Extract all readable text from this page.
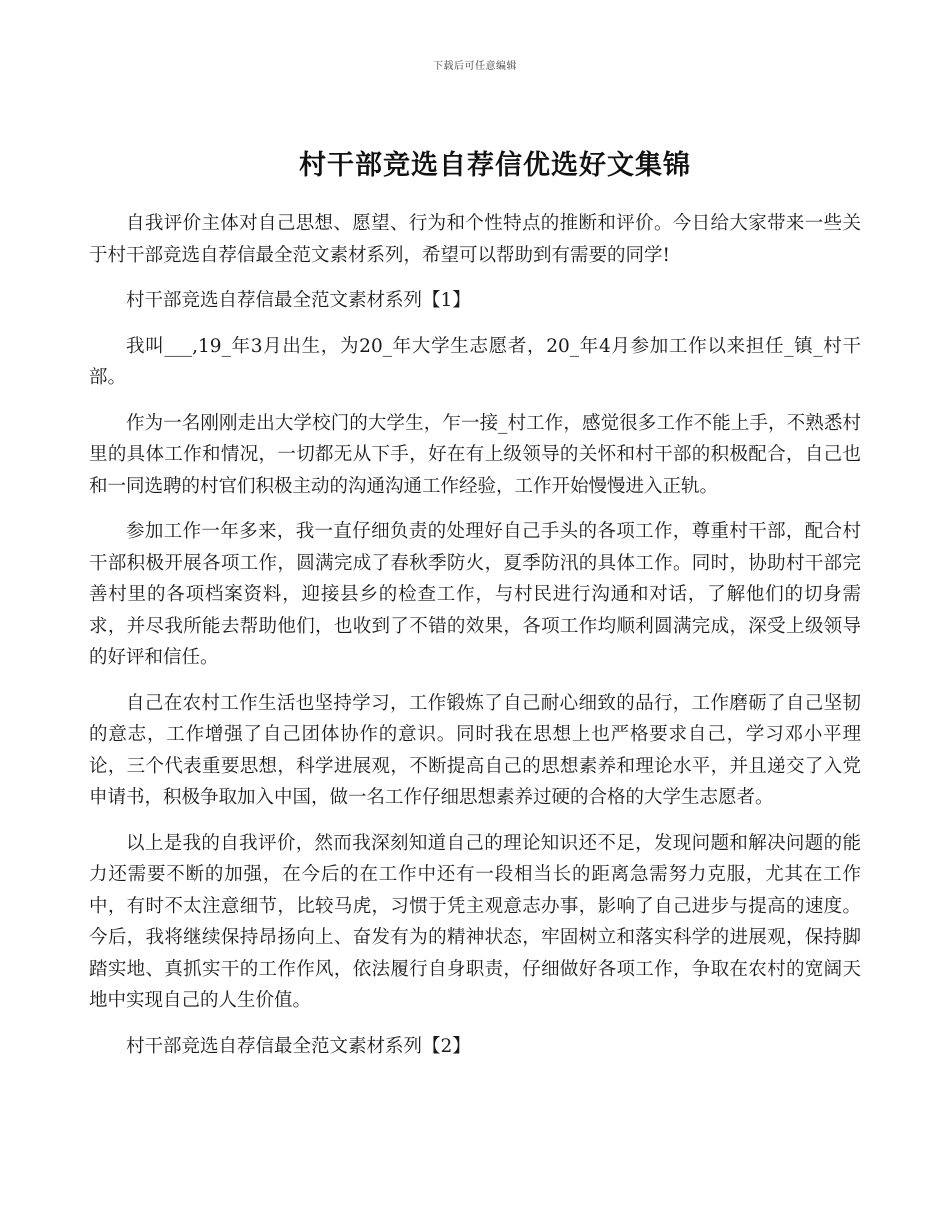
下载后可任意编辑
村干部竞选自荐信优选好文集锦

自我评价主体对自己思想、愿望、行为和个性特点的推断和评价。今日给大家带来一些关于村干部竞选自荐信最全范文素材系列，希望可以帮助到有需要的同学!

村干部竞选自荐信最全范文素材系列【1】

我叫___,19_年3月出生，为20_年大学生志愿者，20_年4月参加工作以来担任_镇_村干部。

作为一名刚刚走出大学校门的大学生，乍一接_村工作，感觉很多工作不能上手，不熟悉村里的具体工作和情况，一切都无从下手，好在有上级领导的关怀和村干部的积极配合，自己也和一同选聘的村官们积极主动的沟通沟通工作经验，工作开始慢慢进入正轨。

参加工作一年多来，我一直仔细负责的处理好自己手头的各项工作，尊重村干部，配合村干部积极开展各项工作，圆满完成了春秋季防火，夏季防汛的具体工作。同时，协助村干部完善村里的各项档案资料，迎接县乡的检查工作，与村民进行沟通和对话，了解他们的切身需求，并尽我所能去帮助他们，也收到了不错的效果，各项工作均顺利圆满完成，深受上级领导的好评和信任。

自己在农村工作生活也坚持学习，工作锻炼了自己耐心细致的品行，工作磨砺了自己坚韧的意志，工作增强了自己团体协作的意识。同时我在思想上也严格要求自己，学习邓小平理论，三个代表重要思想，科学进展观，不断提高自己的思想素养和理论水平，并且递交了入党申请书，积极争取加入中国，做一名工作仔细思想素养过硬的合格的大学生志愿者。

以上是我的自我评价，然而我深刻知道自己的理论知识还不足，发现问题和解决问题的能力还需要不断的加强，在今后的在工作中还有一段相当长的距离急需努力克服，尤其在工作中，有时不太注意细节，比较马虎，习惯于凭主观意志办事，影响了自己进步与提高的速度。今后，我将继续保持昂扬向上、奋发有为的精神状态，牢固树立和落实科学的进展观，保持脚踏实地、真抓实干的工作作风，依法履行自身职责，仔细做好各项工作，争取在农村的宽阔天地中实现自己的人生价值。

村干部竞选自荐信最全范文素材系列【2】
